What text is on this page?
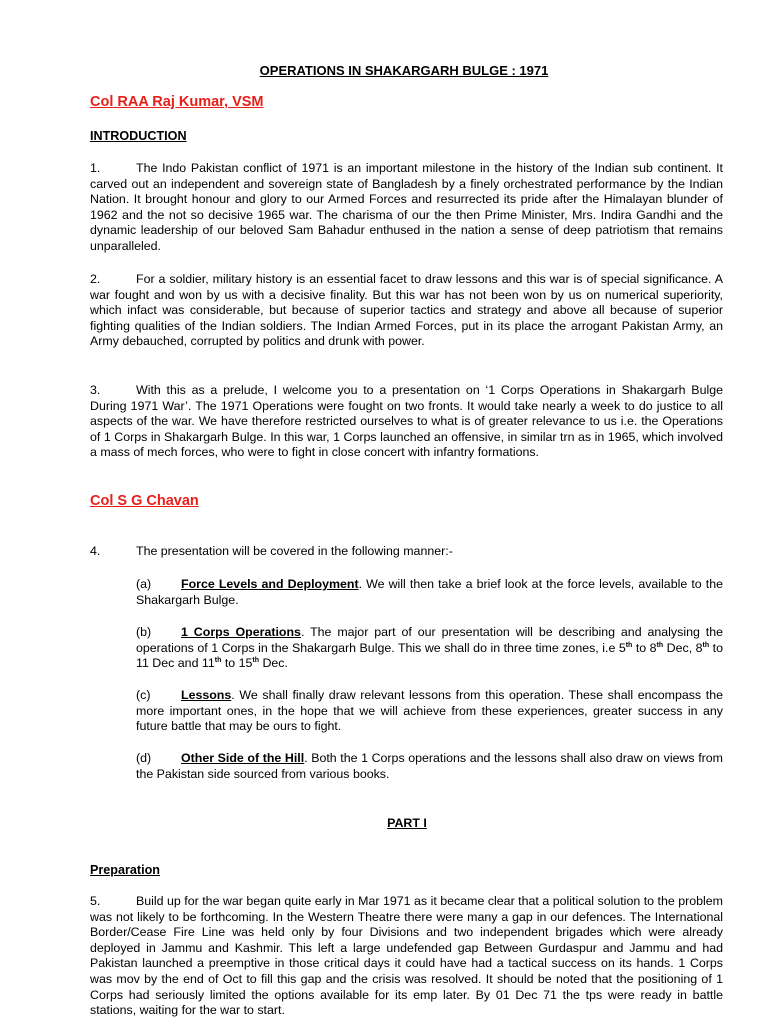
OPERATIONS IN SHAKARGARH BULGE : 1971
Col RAA Raj Kumar, VSM
INTRODUCTION
1.	The Indo Pakistan conflict of 1971 is an important milestone in the history of the Indian sub continent. It carved out an independent and sovereign state of Bangladesh by a finely orchestrated performance by the Indian Nation. It brought honour and glory to our Armed Forces and resurrected its pride after the Himalayan blunder of 1962 and the not so decisive 1965 war. The charisma of our the then Prime Minister, Mrs. Indira Gandhi and the dynamic leadership of our beloved Sam Bahadur enthused in the nation a sense of deep patriotism that remains unparalleled.
2.	For a soldier, military history is an essential facet to draw lessons and this war is of special significance. A war fought and won by us with a decisive finality. But this war has not been won by us on numerical superiority, which infact was considerable, but because of superior tactics and strategy and above all because of superior fighting qualities of the Indian soldiers. The Indian Armed Forces, put in its place the arrogant Pakistan Army, an Army debauched, corrupted by politics and drunk with power.
3.	With this as a prelude, I welcome you to a presentation on ‘1 Corps Operations in Shakargarh Bulge During 1971 War’. The 1971 Operations were fought on two fronts. It would take nearly a week to do justice to all aspects of the war. We have therefore restricted ourselves to what is of greater relevance to us i.e. the Operations of 1 Corps in Shakargarh Bulge. In this war, 1 Corps launched an offensive, in similar trn as in 1965, which involved a mass of mech forces, who were to fight in close concert with infantry formations.
Col S G Chavan
4.	The presentation will be covered in the following manner:-
(a) Force Levels and Deployment. We will then take a brief look at the force levels, available to the Shakargarh Bulge.
(b) 1 Corps Operations. The major part of our presentation will be describing and analysing the operations of 1 Corps in the Shakargarh Bulge. This we shall do in three time zones, i.e 5th to 8th Dec, 8th to 11 Dec and 11th to 15th Dec.
(c) Lessons. We shall finally draw relevant lessons from this operation. These shall encompass the more important ones, in the hope that we will achieve from these experiences, greater success in any future battle that may be ours to fight.
(d) Other Side of the Hill. Both the 1 Corps operations and the lessons shall also draw on views from the Pakistan side sourced from various books.
PART I
Preparation
5.	Build up for the war began quite early in Mar 1971 as it became clear that a political solution to the problem was not likely to be forthcoming. In the Western Theatre there were many a gap in our defences. The International Border/Cease Fire Line was held only by four Divisions and two independent brigades which were already deployed in Jammu and Kashmir. This left a large undefended gap Between Gurdaspur and Jammu and had Pakistan launched a preemptive in those critical days it could have had a tactical success on its hands. 1 Corps was mov by the end of Oct to fill this gap and the crisis was resolved. It should be noted that the positioning of 1 Corps had seriously limited the options available for its emp later. By 01 Dec 71 the tps were ready in battle stations, waiting for the war to start.
